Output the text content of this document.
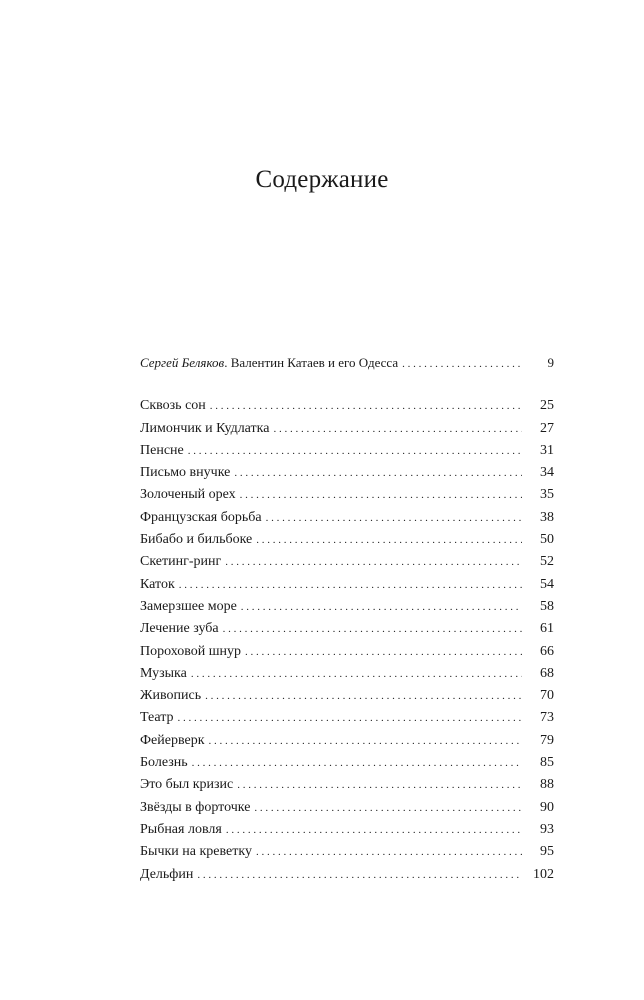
Содержание
Сергей Беляков. Валентин Катаев и его Одесса . . .	9
Сквозь сон . . .	25
Лимончик и Кудлатка . . .	27
Пенсне . . .	31
Письмо внучке . . .	34
Золоченый орех . . .	35
Французская борьба . . .	38
Бибабо и бильбоке . . .	50
Скетинг-ринг . . .	52
Каток . . .	54
Замерзшее море . . .	58
Лечение зуба . . .	61
Пороховой шнур . . .	66
Музыка . . .	68
Живопись . . .	70
Театр . . .	73
Фейерверк . . .	79
Болезнь . . .	85
Это был кризис . . .	88
Звёзды в форточке . . .	90
Рыбная ловля . . .	93
Бычки на креветку . . .	95
Дельфин . . .	102
